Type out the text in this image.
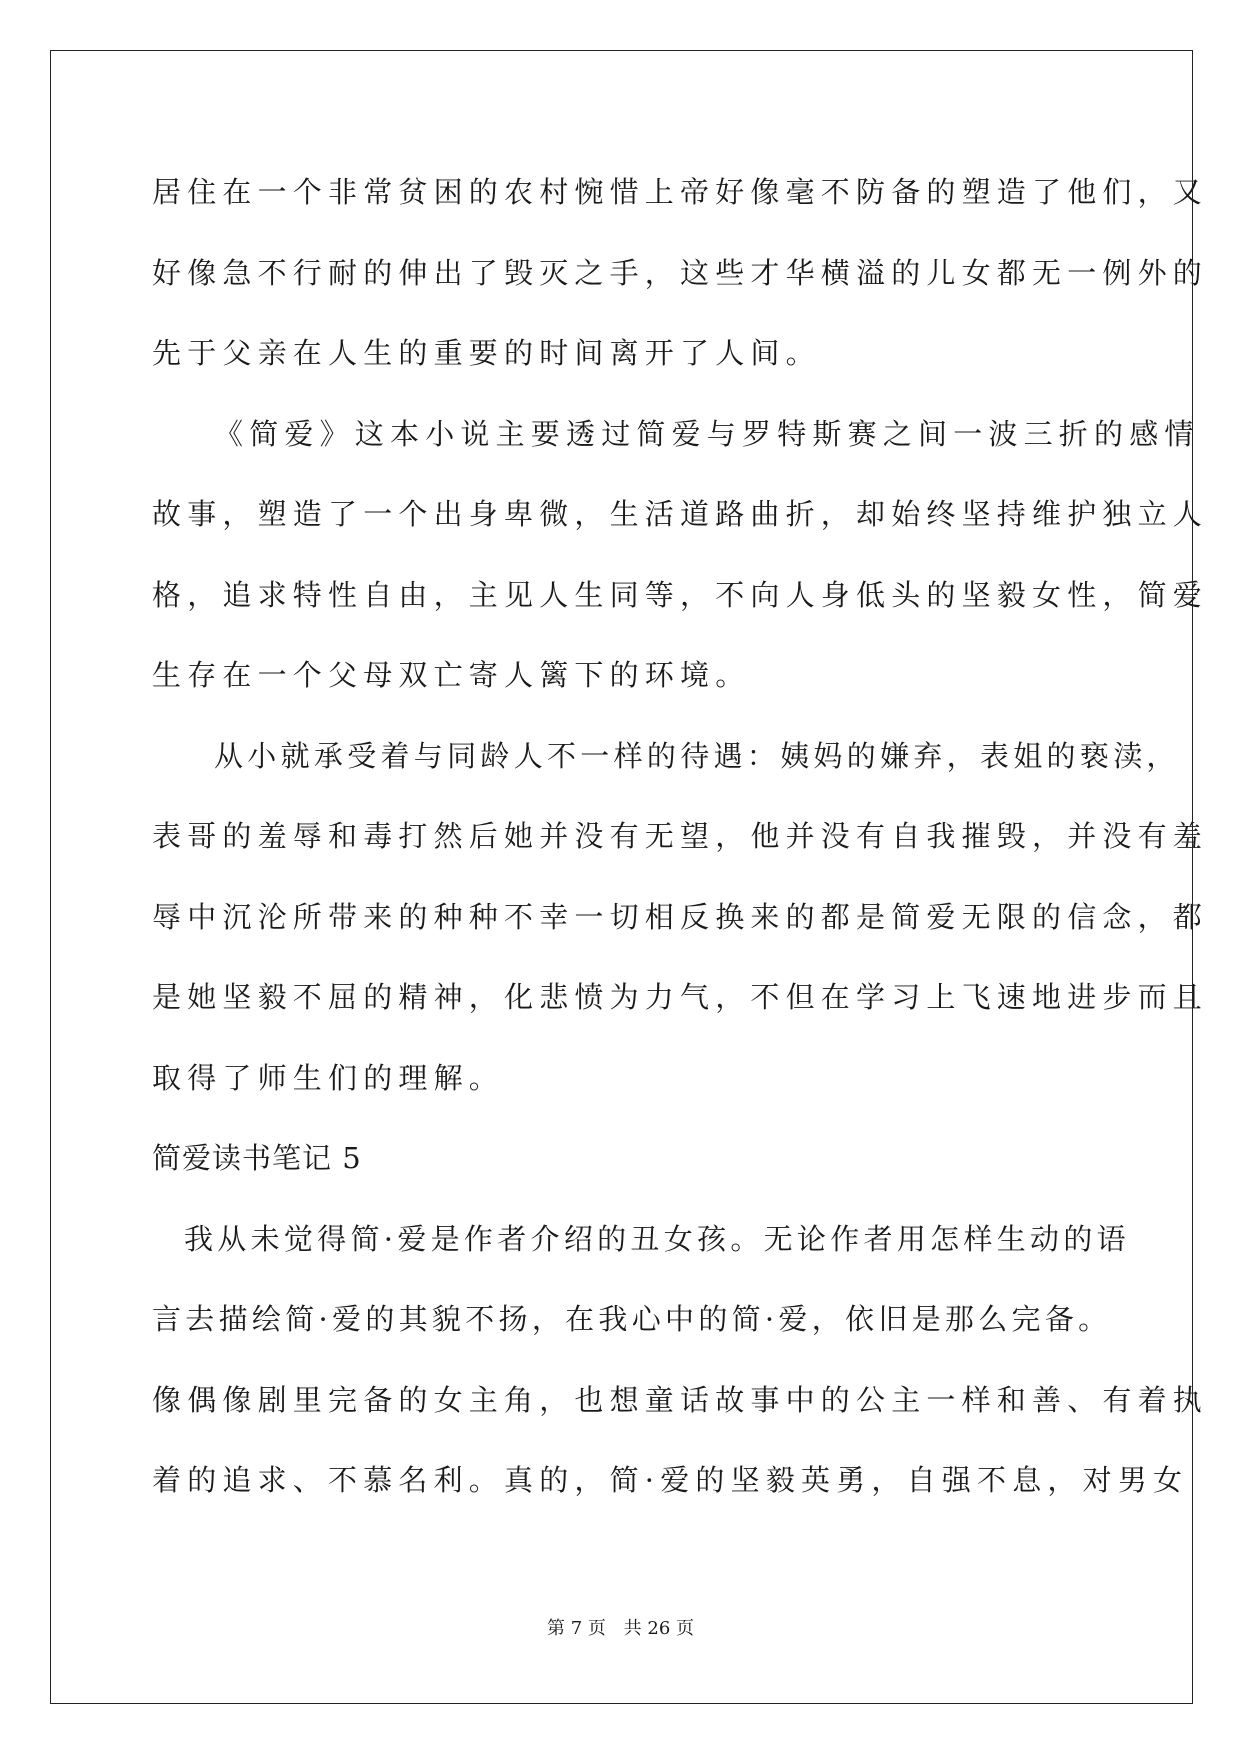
居住在一个非常贫困的农村惋惜上帝好像毫不防备的塑造了他们，又
好像急不行耐的伸出了毁灭之手，这些才华横溢的儿女都无一例外的
先于父亲在人生的重要的时间离开了人间。
《简爱》这本小说主要透过简爱与罗特斯赛之间一波三折的感情
故事，塑造了一个出身卑微，生活道路曲折，却始终坚持维护独立人
格，追求特性自由，主见人生同等，不向人身低头的坚毅女性，简爱
生存在一个父母双亡寄人篱下的环境。
从小就承受着与同龄人不一样的待遇：姨妈的嫌弃，表姐的亵渎，
表哥的羞辱和毒打然后她并没有无望，他并没有自我摧毁，并没有羞
辱中沉沦所带来的种种不幸一切相反换来的都是简爱无限的信念，都
是她坚毅不屈的精神，化悲愤为力气，不但在学习上飞速地进步而且
取得了师生们的理解。
简爱读书笔记 5
我从未觉得简·爱是作者介绍的丑女孩。无论作者用怎样生动的语
言去描绘简·爱的其貌不扬，在我心中的简·爱，依旧是那么完备。
像偶像剧里完备的女主角，也想童话故事中的公主一样和善、有着执
着的追求、不慕名利。真的，简·爱的坚毅英勇，自强不息，对男女
第 7 页 共 26 页
